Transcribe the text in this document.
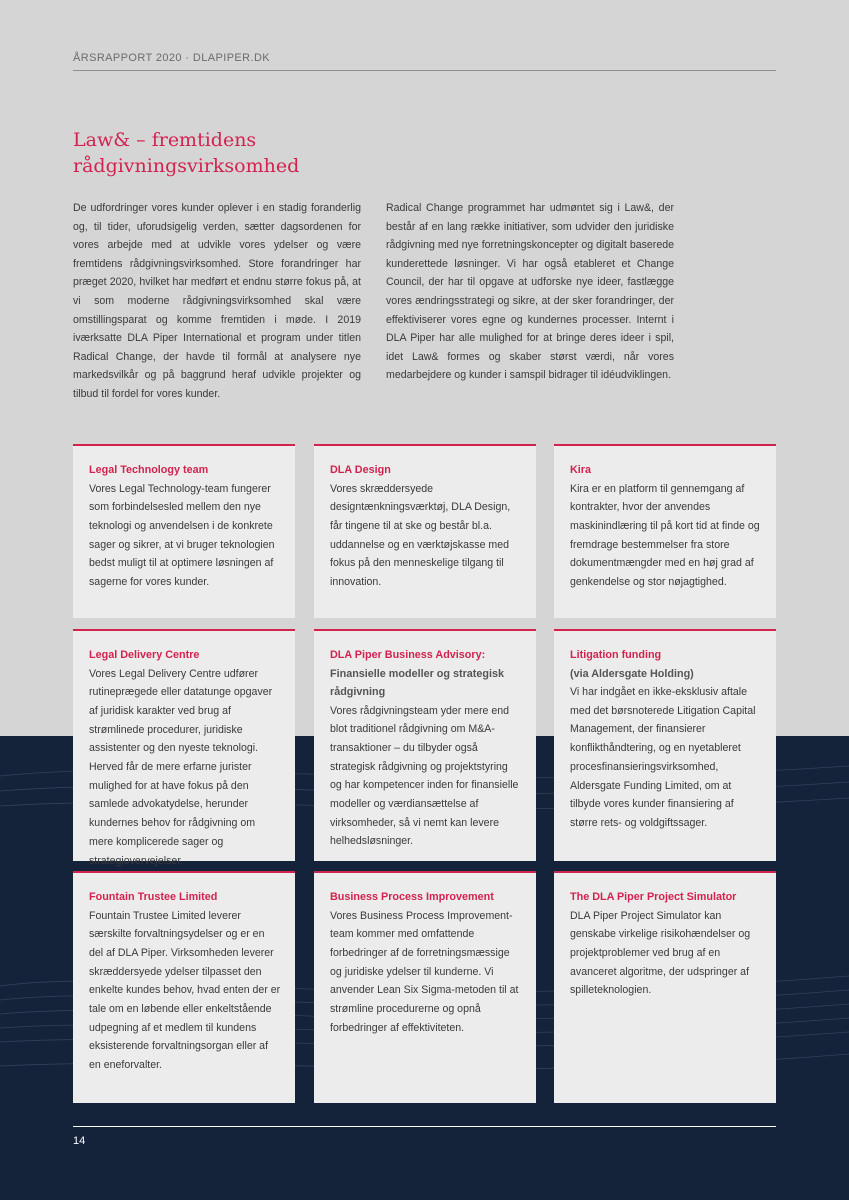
ÅRSRAPPORT 2020 · DLAPIPER.DK
Law& – fremtidens
rådgivningsvirksomhed

De udfordringer vores kunder oplever i en stadig foranderlig og, til tider, uforudsigelig verden, sætter dagsordenen for vores arbejde med at udvikle vores ydelser og være fremtidens rådgivningsvirksomhed. Store forandringer har præget 2020, hvilket har medført et endnu større fokus på, at vi som moderne rådgivningsvirksomhed skal være omstillingsparat og komme fremtiden i møde. I 2019 iværksatte DLA Piper International et program under titlen Radical Change, der havde til formål at analysere nye markedsvilkår og på baggrund heraf udvikle projekter og tilbud til fordel for vores kunder.

Radical Change programmet har udmøntet sig i Law&, der består af en lang række initiativer, som udvider den juridiske rådgivning med nye forretningskoncepter og digitalt baserede kunderettede løsninger. Vi har også etableret et Change Council, der har til opgave at udforske nye ideer, fastlægge vores ændringsstrategi og sikre, at der sker forandringer, der effektiviserer vores egne og kundernes processer. Internt i DLA Piper har alle mulighed for at bringe deres ideer i spil, idet Law& formes og skaber størst værdi, når vores medarbejdere og kunder i samspil bidrager til idéudviklingen.

Legal Technology team
Vores Legal Technology-team fungerer som forbindelsesled mellem den nye teknologi og anvendelsen i de konkrete sager og sikrer, at vi bruger teknologien bedst muligt til at optimere løsningen af sagerne for vores kunder.
DLA Design
Vores skræddersyede designtænkningsværktøj, DLA Design, får tingene til at ske og består bl.a. uddannelse og en værktøjskasse med fokus på den menneskelige tilgang til innovation.
Kira
Kira er en platform til gennemgang af kontrakter, hvor der anvendes maskinindlæring til på kort tid at finde og fremdrage bestemmelser fra store dokumentmængder med en høj grad af genkendelse og stor nøjagtighed.
Legal Delivery Centre
Vores Legal Delivery Centre udfører rutineprægede eller datatunge opgaver af juridisk karakter ved brug af strømlinede procedurer, juridiske assistenter og den nyeste teknologi. Herved får de mere erfarne jurister mulighed for at have fokus på den samlede advokatydelse, herunder kundernes behov for rådgivning om mere komplicerede sager og strategiovervejelser.
DLA Piper Business Advisory:
Finansielle modeller og strategisk rådgivning
Vores rådgivningsteam yder mere end blot traditionel rådgivning om M&A-transaktioner – du tilbyder også strategisk rådgivning og projektstyring og har kompetencer inden for finansielle modeller og værdiansættelse af virksomheder, så vi nemt kan levere helhedsløsninger.
Litigation funding
(via Aldersgate Holding)
Vi har indgået en ikke-eksklusiv aftale med det børsnoterede Litigation Capital Management, der finansierer konflikthåndtering, og en nyetableret procesfinansieringsvirksomhed, Aldersgate Funding Limited, om at tilbyde vores kunder finansiering af større rets- og voldgiftssager.
Fountain Trustee Limited
Fountain Trustee Limited leverer særskilte forvaltningsydelser og er en del af DLA Piper. Virksomheden leverer skræddersyede ydelser tilpasset den enkelte kundes behov, hvad enten der er tale om en løbende eller enkeltstående udpegning af et medlem til kundens eksisterende forvaltningsorgan eller af en eneforvalter.
Business Process Improvement
Vores Business Process Improvement-team kommer med omfattende forbedringer af de forretningsmæssige og juridiske ydelser til kunderne. Vi anvender Lean Six Sigma-metoden til at strømline procedurerne og opnå forbedringer af effektiviteten.
The DLA Piper Project Simulator
DLA Piper Project Simulator kan genskabe virkelige risikohændelser og projektproblemer ved brug af en avanceret algoritme, der udspringer af spilleteknologien.
14
